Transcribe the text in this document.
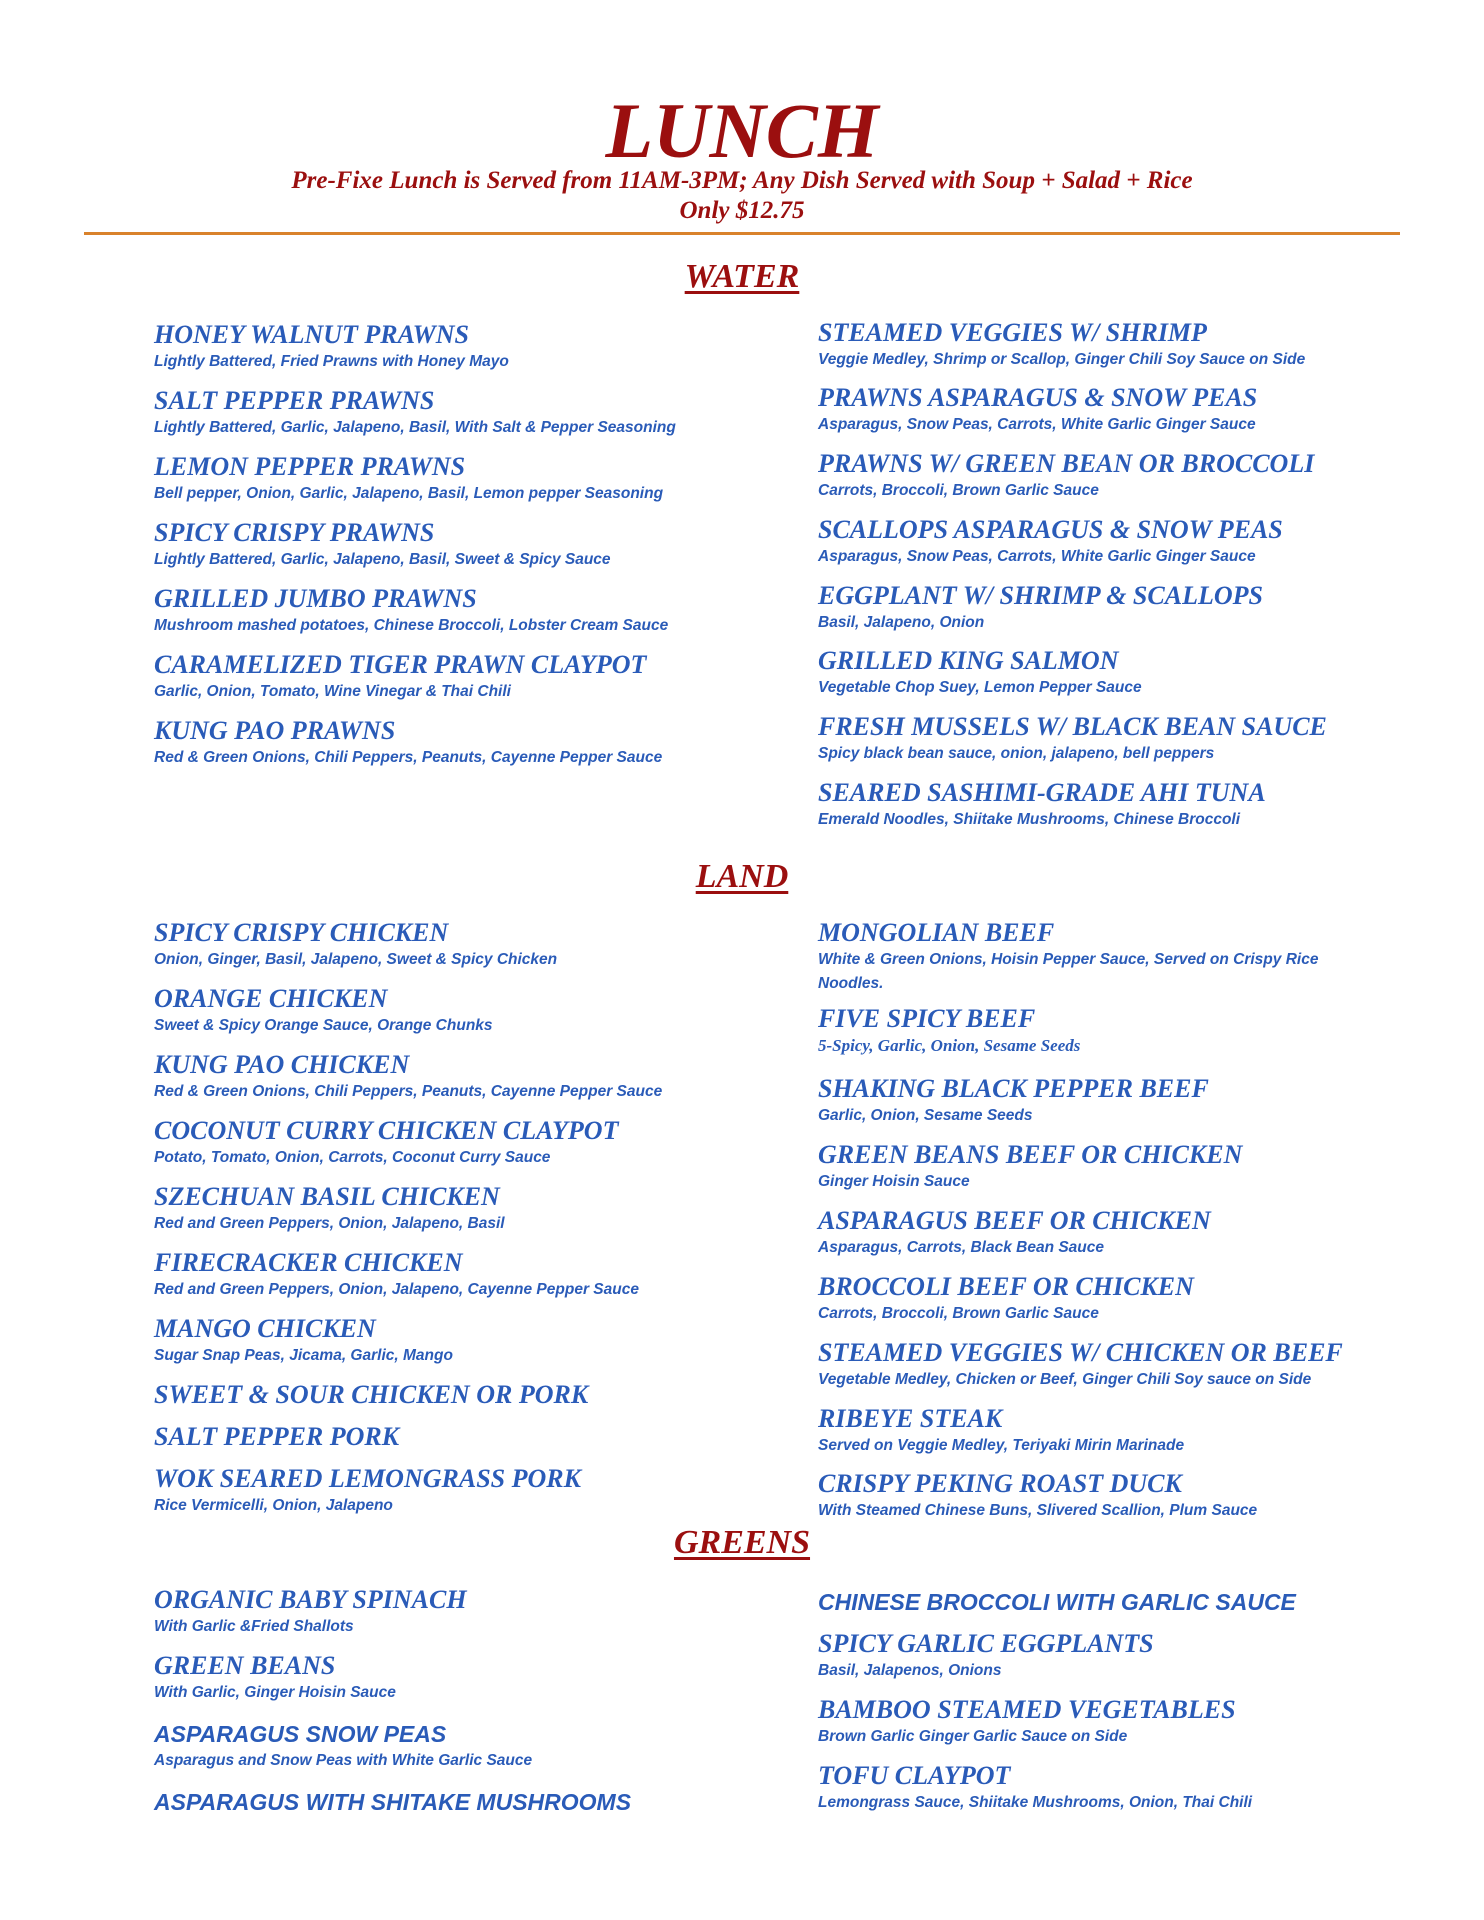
LUNCH
Pre-Fixe Lunch is Served from 11AM-3PM; Any Dish Served with Soup + Salad + Rice
Only $12.75
WATER
LAND
GREENS
HONEY WALNUT PRAWNS
Lightly Battered, Fried Prawns with Honey Mayo
SALT PEPPER PRAWNS
Lightly Battered, Garlic, Jalapeno, Basil, With Salt & Pepper Seasoning
LEMON PEPPER PRAWNS
Bell pepper, Onion, Garlic, Jalapeno, Basil, Lemon pepper Seasoning
SPICY CRISPY PRAWNS
Lightly Battered, Garlic, Jalapeno, Basil, Sweet & Spicy Sauce
GRILLED JUMBO PRAWNS
Mushroom mashed potatoes, Chinese Broccoli, Lobster Cream Sauce
CARAMELIZED TIGER PRAWN CLAYPOT
Garlic, Onion, Tomato, Wine Vinegar & Thai Chili
KUNG PAO PRAWNS
Red & Green Onions, Chili Peppers, Peanuts, Cayenne Pepper Sauce
STEAMED VEGGIES W/ SHRIMP
Veggie Medley, Shrimp or Scallop, Ginger Chili Soy Sauce on Side
PRAWNS ASPARAGUS & SNOW PEAS
Asparagus, Snow Peas, Carrots, White Garlic Ginger Sauce
PRAWNS W/ GREEN BEAN OR BROCCOLI
Carrots, Broccoli, Brown Garlic Sauce
SCALLOPS ASPARAGUS & SNOW PEAS
Asparagus, Snow Peas, Carrots, White Garlic Ginger Sauce
EGGPLANT W/ SHRIMP & SCALLOPS
Basil, Jalapeno, Onion
GRILLED KING SALMON
Vegetable Chop Suey, Lemon Pepper Sauce
FRESH MUSSELS W/ BLACK BEAN SAUCE
Spicy black bean sauce, onion, jalapeno, bell peppers
SEARED SASHIMI-GRADE AHI TUNA
Emerald Noodles, Shiitake Mushrooms, Chinese Broccoli
SPICY CRISPY CHICKEN
Onion, Ginger, Basil, Jalapeno, Sweet & Spicy Chicken
ORANGE CHICKEN
Sweet & Spicy Orange Sauce, Orange Chunks
KUNG PAO CHICKEN
Red & Green Onions, Chili Peppers, Peanuts, Cayenne Pepper Sauce
COCONUT CURRY CHICKEN CLAYPOT
Potato, Tomato, Onion, Carrots, Coconut Curry Sauce
SZECHUAN BASIL CHICKEN
Red and Green Peppers, Onion, Jalapeno, Basil
FIRECRACKER CHICKEN
Red and Green Peppers, Onion, Jalapeno, Cayenne Pepper Sauce
MANGO CHICKEN
Sugar Snap Peas, Jicama, Garlic, Mango
SWEET & SOUR CHICKEN OR PORK
SALT PEPPER PORK
WOK SEARED LEMONGRASS PORK
Rice Vermicelli, Onion, Jalapeno
MONGOLIAN BEEF
White & Green Onions, Hoisin Pepper Sauce, Served on Crispy Rice Noodles.
FIVE SPICY BEEF
5-Spicy, Garlic, Onion, Sesame Seeds
SHAKING BLACK PEPPER BEEF
Garlic, Onion, Sesame Seeds
GREEN BEANS BEEF OR CHICKEN
Ginger Hoisin Sauce
ASPARAGUS BEEF OR CHICKEN
Asparagus, Carrots, Black Bean Sauce
BROCCOLI BEEF OR CHICKEN
Carrots, Broccoli, Brown Garlic Sauce
STEAMED VEGGIES W/ CHICKEN OR BEEF
Vegetable Medley, Chicken or Beef, Ginger Chili Soy sauce on Side
RIBEYE STEAK
Served on Veggie Medley, Teriyaki Mirin Marinade
CRISPY PEKING ROAST DUCK
With Steamed Chinese Buns, Slivered Scallion, Plum Sauce
ORGANIC BABY SPINACH
With Garlic &Fried Shallots
GREEN BEANS
With Garlic, Ginger Hoisin Sauce
ASPARAGUS SNOW PEAS
Asparagus and Snow Peas with White Garlic Sauce
ASPARAGUS WITH SHITAKE MUSHROOMS
CHINESE BROCCOLI WITH GARLIC SAUCE
SPICY GARLIC EGGPLANTS
Basil, Jalapenos, Onions
BAMBOO STEAMED VEGETABLES
Brown Garlic Ginger Garlic Sauce on Side
TOFU CLAYPOT
Lemongrass Sauce, Shiitake Mushrooms, Onion, Thai Chili
